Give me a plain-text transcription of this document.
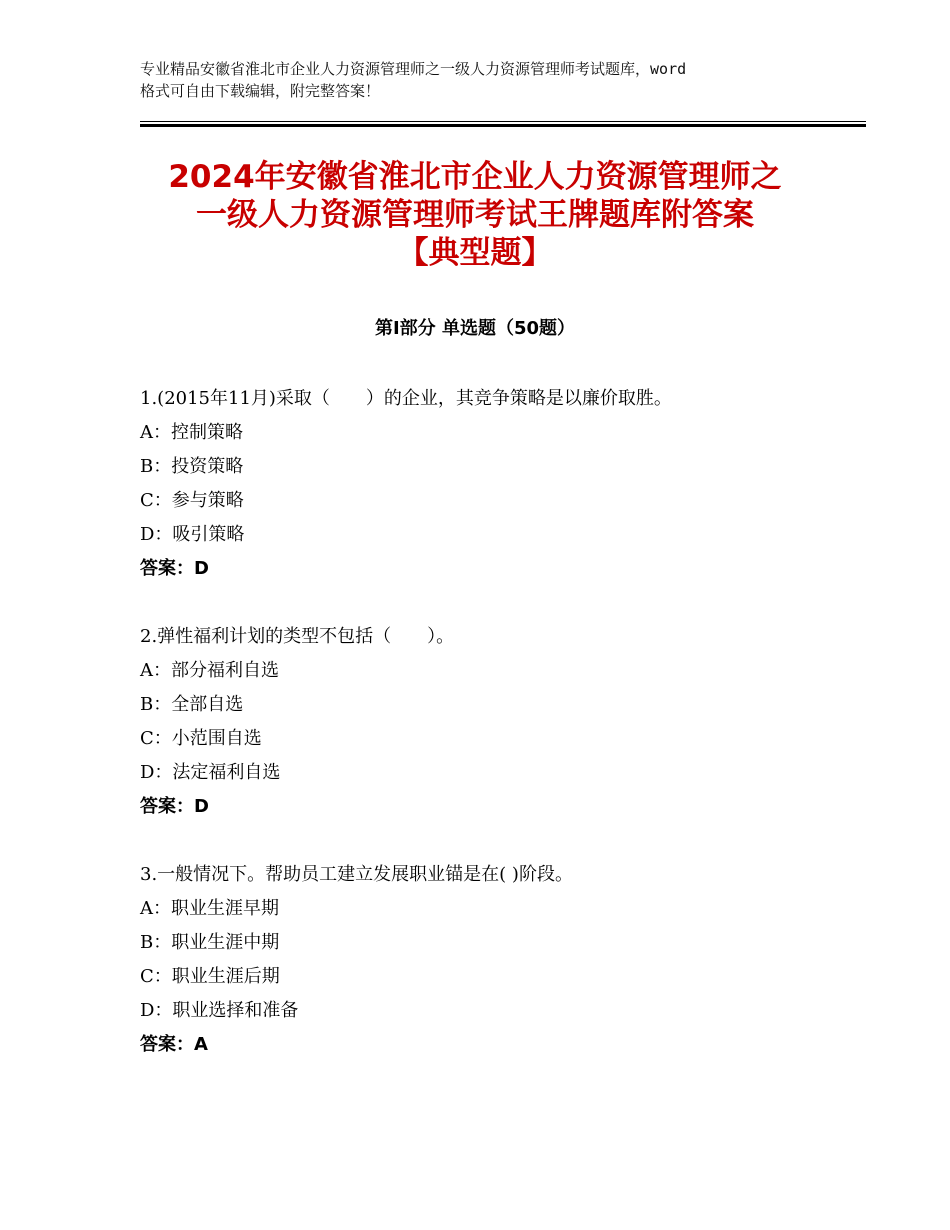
专业精品安徽省淮北市企业人力资源管理师之一级人力资源管理师考试题库，word
格式可自由下载编辑，附完整答案！
2024年安徽省淮北市企业人力资源管理师之
一级人力资源管理师考试王牌题库附答案
【典型题】
第Ⅰ部分 单选题（50题）
1.(2015年11月)采取（　　）的企业，其竞争策略是以廉价取胜。
A：控制策略
B：投资策略
C：参与策略
D：吸引策略
答案：D
2.弹性福利计划的类型不包括（　　）。
A：部分福利自选
B：全部自选
C：小范围自选
D：法定福利自选
答案：D
3.一般情况下。帮助员工建立发展职业锚是在( )阶段。
A：职业生涯早期
B：职业生涯中期
C：职业生涯后期
D：职业选择和准备
答案：A
